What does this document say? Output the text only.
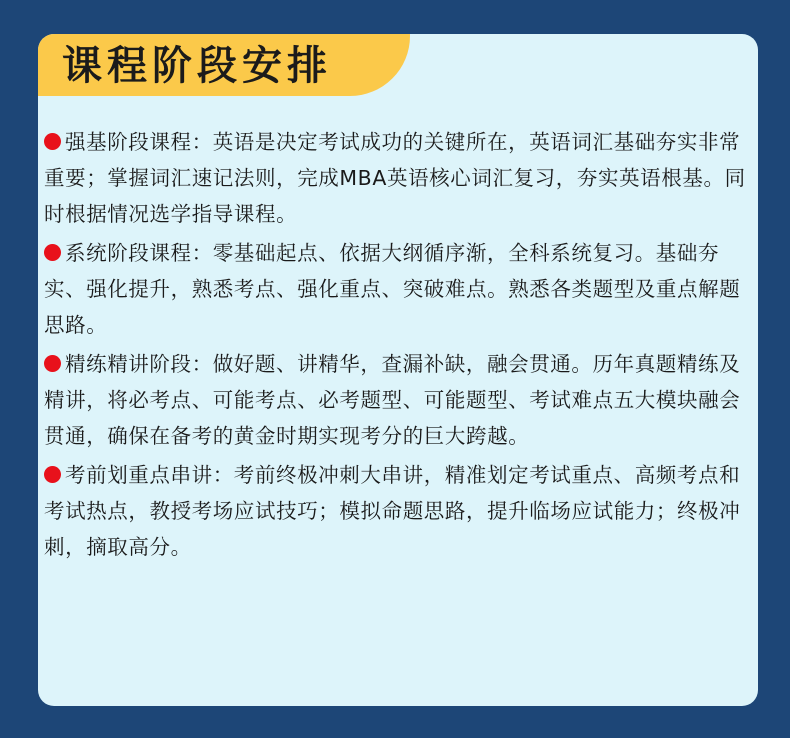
课程阶段安排

强基阶段课程：英语是决定考试成功的关键所在，英语词汇基础夯实非常重要；掌握词汇速记法则，完成MBA英语核心词汇复习，夯实英语根基。同时根据情况选学指导课程。

系统阶段课程：零基础起点、依据大纲循序渐，全科系统复习。基础夯实、强化提升，熟悉考点、强化重点、突破难点。熟悉各类题型及重点解题思路。

精练精讲阶段：做好题、讲精华，查漏补缺，融会贯通。历年真题精练及精讲，将必考点、可能考点、必考题型、可能题型、考试难点五大模块融会贯通，确保在备考的黄金时期实现考分的巨大跨越。

考前划重点串讲：考前终极冲刺大串讲，精准划定考试重点、高频考点和考试热点，教授考场应试技巧；模拟命题思路，提升临场应试能力；终极冲刺，摘取高分。
